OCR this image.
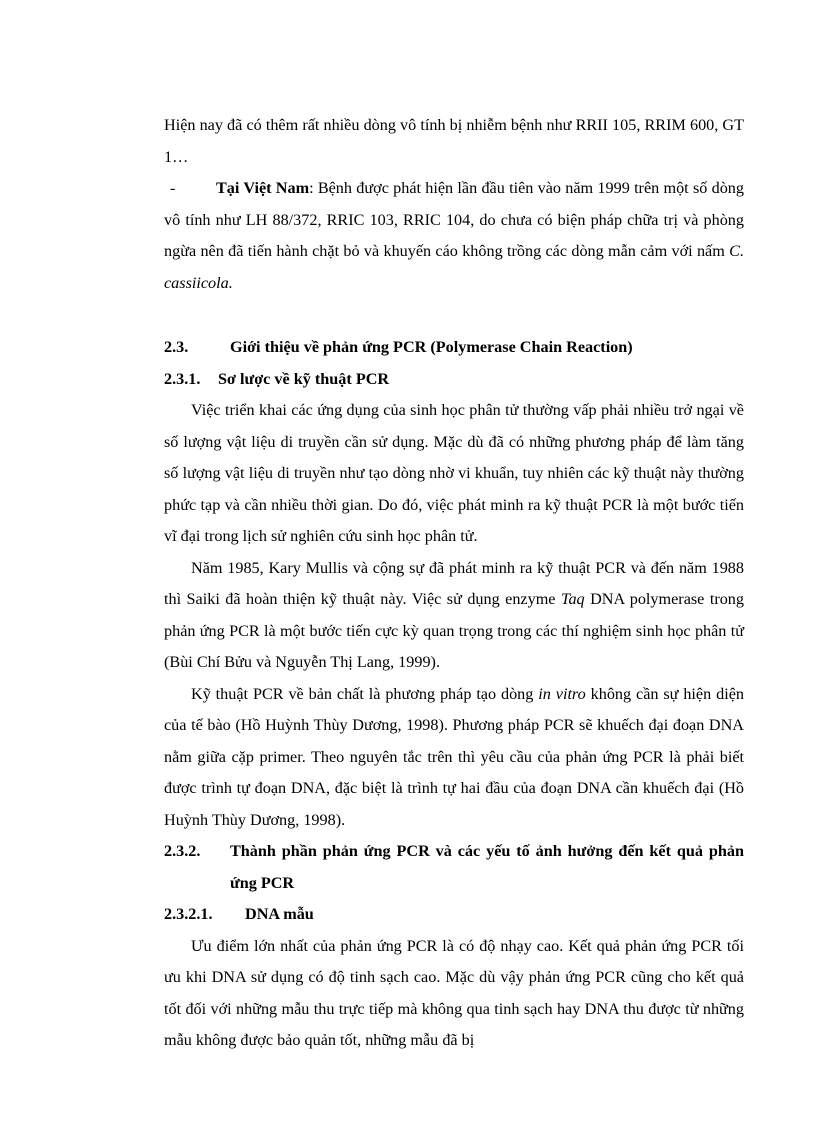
Hiện nay đã có thêm rất nhiều dòng vô tính bị nhiễm bệnh như RRII 105, RRIM 600, GT 1…

-	Tại Việt Nam: Bệnh được phát hiện lần đầu tiên vào năm 1999 trên một số dòng vô tính như LH 88/372, RRIC 103, RRIC 104, do chưa có biện pháp chữa trị và phòng ngừa nên đã tiến hành chặt bỏ và khuyến cáo không trồng các dòng mẫn cảm với nấm C. cassiicola.

2.3.	Giới thiệu về phản ứng PCR (Polymerase Chain Reaction)
2.3.1. Sơ lược về kỹ thuật PCR

Việc triển khai các ứng dụng của sinh học phân tử thường vấp phải nhiều trở ngại về số lượng vật liệu di truyền cần sử dụng. Mặc dù đã có những phương pháp để làm tăng số lượng vật liệu di truyền như tạo dòng nhờ vi khuẩn, tuy nhiên các kỹ thuật này thường phức tạp và cần nhiều thời gian. Do đó, việc phát minh ra kỹ thuật PCR là một bước tiến vĩ đại trong lịch sử nghiên cứu sinh học phân tử.

Năm 1985, Kary Mullis và cộng sự đã phát minh ra kỹ thuật PCR và đến năm 1988 thì Saiki đã hoàn thiện kỹ thuật này. Việc sử dụng enzyme Taq DNA polymerase trong phản ứng PCR là một bước tiến cực kỳ quan trọng trong các thí nghiệm sinh học phân tử (Bùi Chí Bửu và Nguyễn Thị Lang, 1999).

Kỹ thuật PCR về bản chất là phương pháp tạo dòng in vitro không cần sự hiện diện của tế bào (Hồ Huỳnh Thùy Dương, 1998). Phương pháp PCR sẽ khuếch đại đoạn DNA nằm giữa cặp primer. Theo nguyên tắc trên thì yêu cầu của phản ứng PCR là phải biết được trình tự đoạn DNA, đặc biệt là trình tự hai đầu của đoạn DNA cần khuếch đại (Hồ Huỳnh Thùy Dương, 1998).

2.3.2. Thành phần phản ứng PCR và các yếu tố ảnh hưởng đến kết quả phản ứng PCR
2.3.2.1. DNA mẫu

Ưu điểm lớn nhất của phản ứng PCR là có độ nhạy cao. Kết quả phản ứng PCR tối ưu khi DNA sử dụng có độ tinh sạch cao. Mặc dù vậy phản ứng PCR cũng cho kết quả tốt đối với những mẫu thu trực tiếp mà không qua tinh sạch hay DNA thu được từ những mẫu không được bảo quản tốt, những mẫu đã bị
